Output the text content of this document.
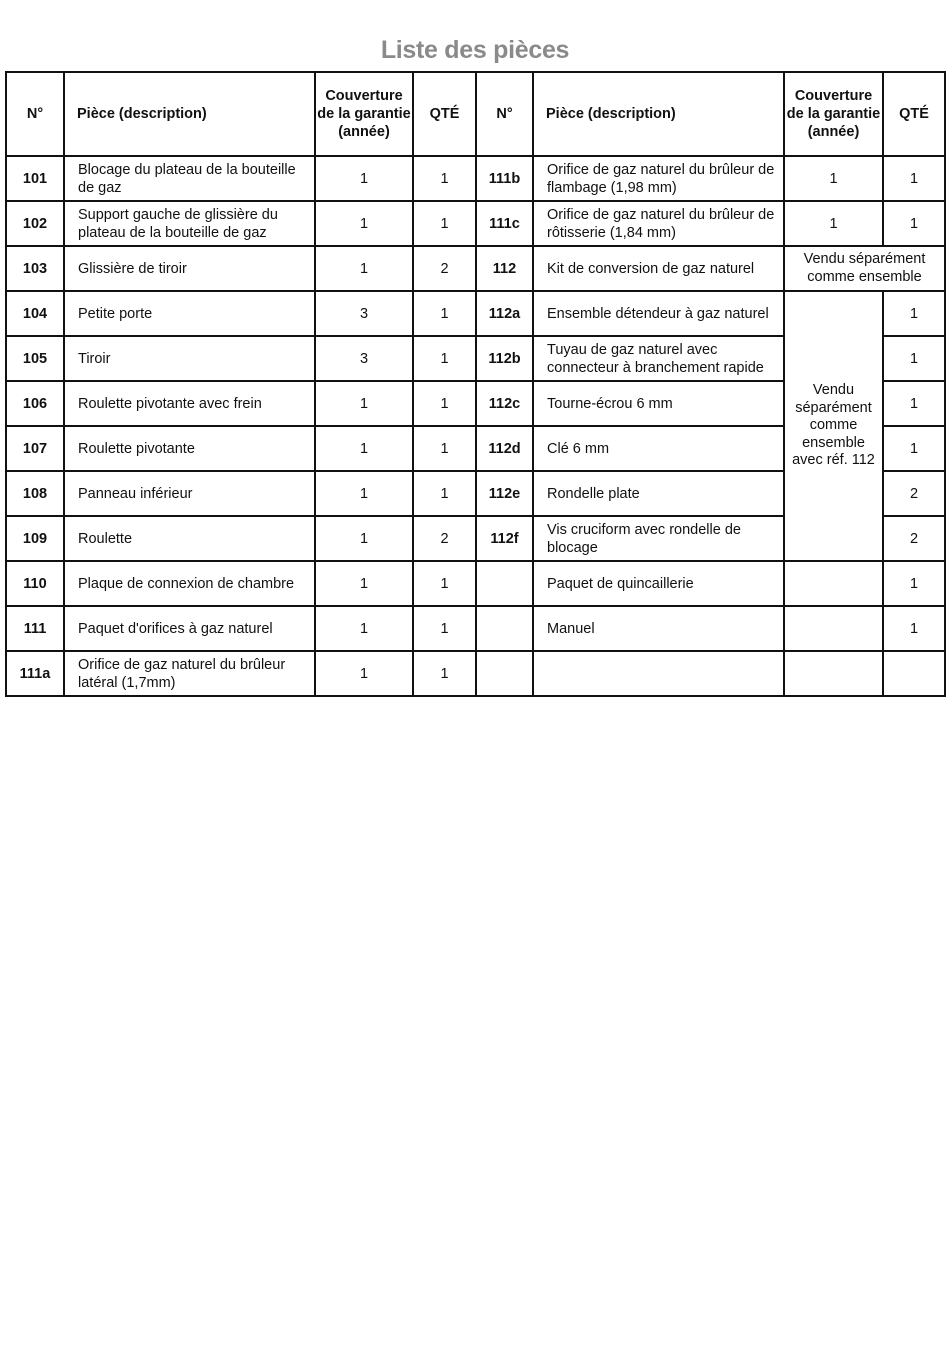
Liste des pièces
N°	Pièce (description)	Couverture de la garantie (année)	QTÉ	N°	Pièce (description)	Couverture de la garantie (année)	QTÉ
101	Blocage du plateau de la bouteille de gaz	1	1	111b	Orifice de gaz naturel du brûleur de flambage (1,98 mm)	1	1
102	Support gauche de glissière du plateau de la bouteille de gaz	1	1	111c	Orifice de gaz naturel du brûleur de rôtisserie (1,84 mm)	1	1
103	Glissière de tiroir	1	2	112	Kit de conversion de gaz naturel	Vendu séparément comme ensemble	
104	Petite porte	3	1	112a	Ensemble détendeur à gaz naturel	Vendu séparément comme ensemble avec réf. 112	1
105	Tiroir	3	1	112b	Tuyau de gaz naturel avec connecteur à branchement rapide		1
106	Roulette pivotante avec frein	1	1	112c	Tourne-écrou 6 mm		1
107	Roulette pivotante	1	1	112d	Clé 6 mm		1
108	Panneau inférieur	1	1	112e	Rondelle plate		2
109	Roulette	1	2	112f	Vis cruciform avec rondelle de blocage		2
110	Plaque de connexion de chambre	1	1		Paquet de quincaillerie		1
111	Paquet d'orifices à gaz naturel	1	1		Manuel		1
111a	Orifice de gaz naturel du brûleur latéral (1,7mm)	1	1				
